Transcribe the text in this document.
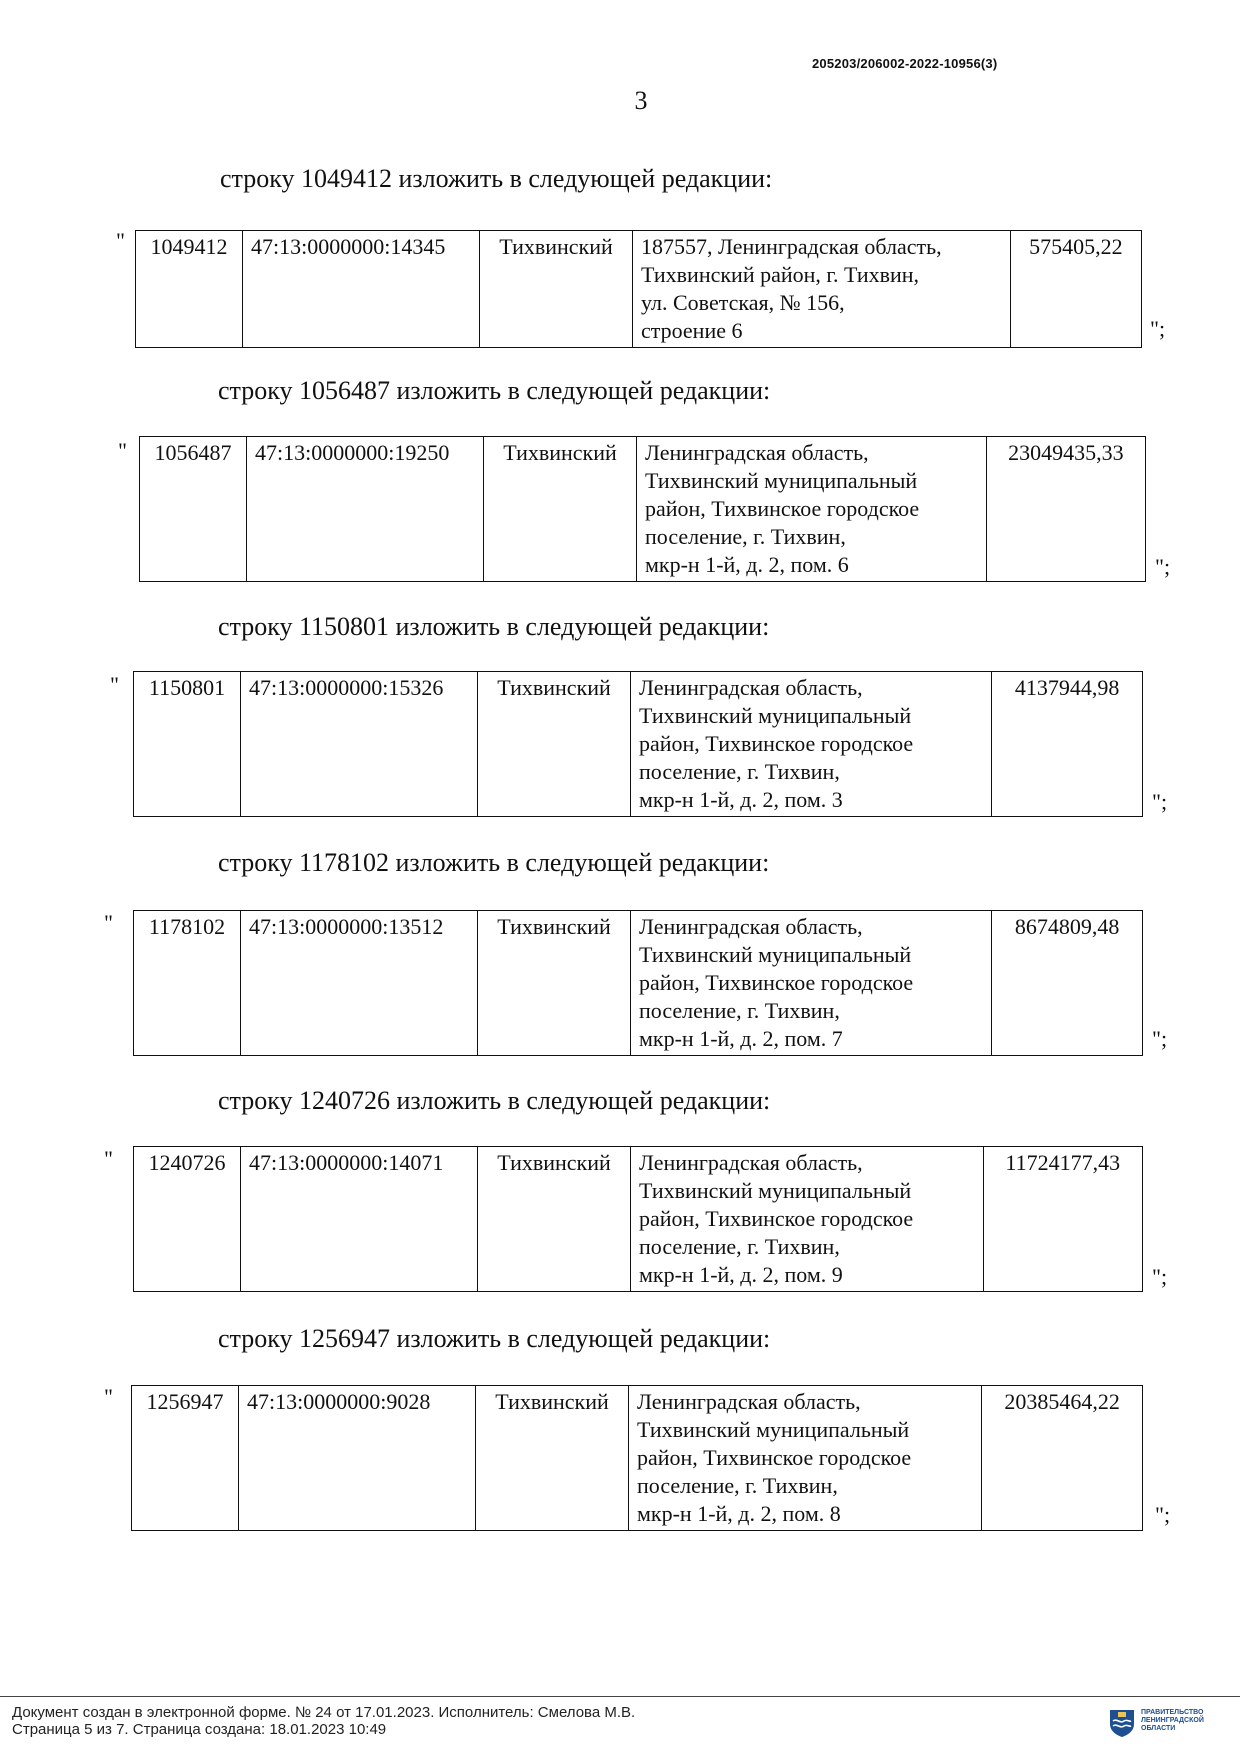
205203/206002-2022-10956(3)
3
строку 1049412 изложить в следующей редакции:
" 1049412	47:13:0000000:14345	Тихвинский	187557, Ленинградская область,
Тихвинский район, г. Тихвин,
ул. Советская, № 156,
строение 6
	575405,22
";
строку 1056487 изложить в следующей редакции:
" 1056487	47:13:0000000:19250	Тихвинский	Ленинградская область,
Тихвинский муниципальный
район, Тихвинское городское
поселение, г. Тихвин,
мкр-н 1-й, д. 2, пом. 6
	23049435,33
";
строку 1150801 изложить в следующей редакции:
" 1150801	47:13:0000000:15326	Тихвинский	Ленинградская область,
Тихвинский муниципальный
район, Тихвинское городское
поселение, г. Тихвин,
мкр-н 1-й, д. 2, пом. 3
	4137944,98
";
строку 1178102 изложить в следующей редакции:
" 1178102	47:13:0000000:13512	Тихвинский	Ленинградская область,
Тихвинский муниципальный
район, Тихвинское городское
поселение, г. Тихвин,
мкр-н 1-й, д. 2, пом. 7
	8674809,48
";
строку 1240726 изложить в следующей редакции:
" 1240726	47:13:0000000:14071	Тихвинский	Ленинградская область,
Тихвинский муниципальный
район, Тихвинское городское
поселение, г. Тихвин,
мкр-н 1-й, д. 2, пом. 9
	11724177,43
";
строку 1256947 изложить в следующей редакции:
" 1256947	47:13:0000000:9028	Тихвинский	Ленинградская область,
Тихвинский муниципальный
район, Тихвинское городское
поселение, г. Тихвин,
мкр-н 1-й, д. 2, пом. 8
	20385464,22
";
Документ создан в электронной форме. № 24 от 17.01.2023. Исполнитель: Смелова М.В.
Страница 5 из 7. Страница создана: 18.01.2023 10:49
ПРАВИТЕЛЬСТВО
ЛЕНИНГРАДСКОЙ
ОБЛАСТИ
